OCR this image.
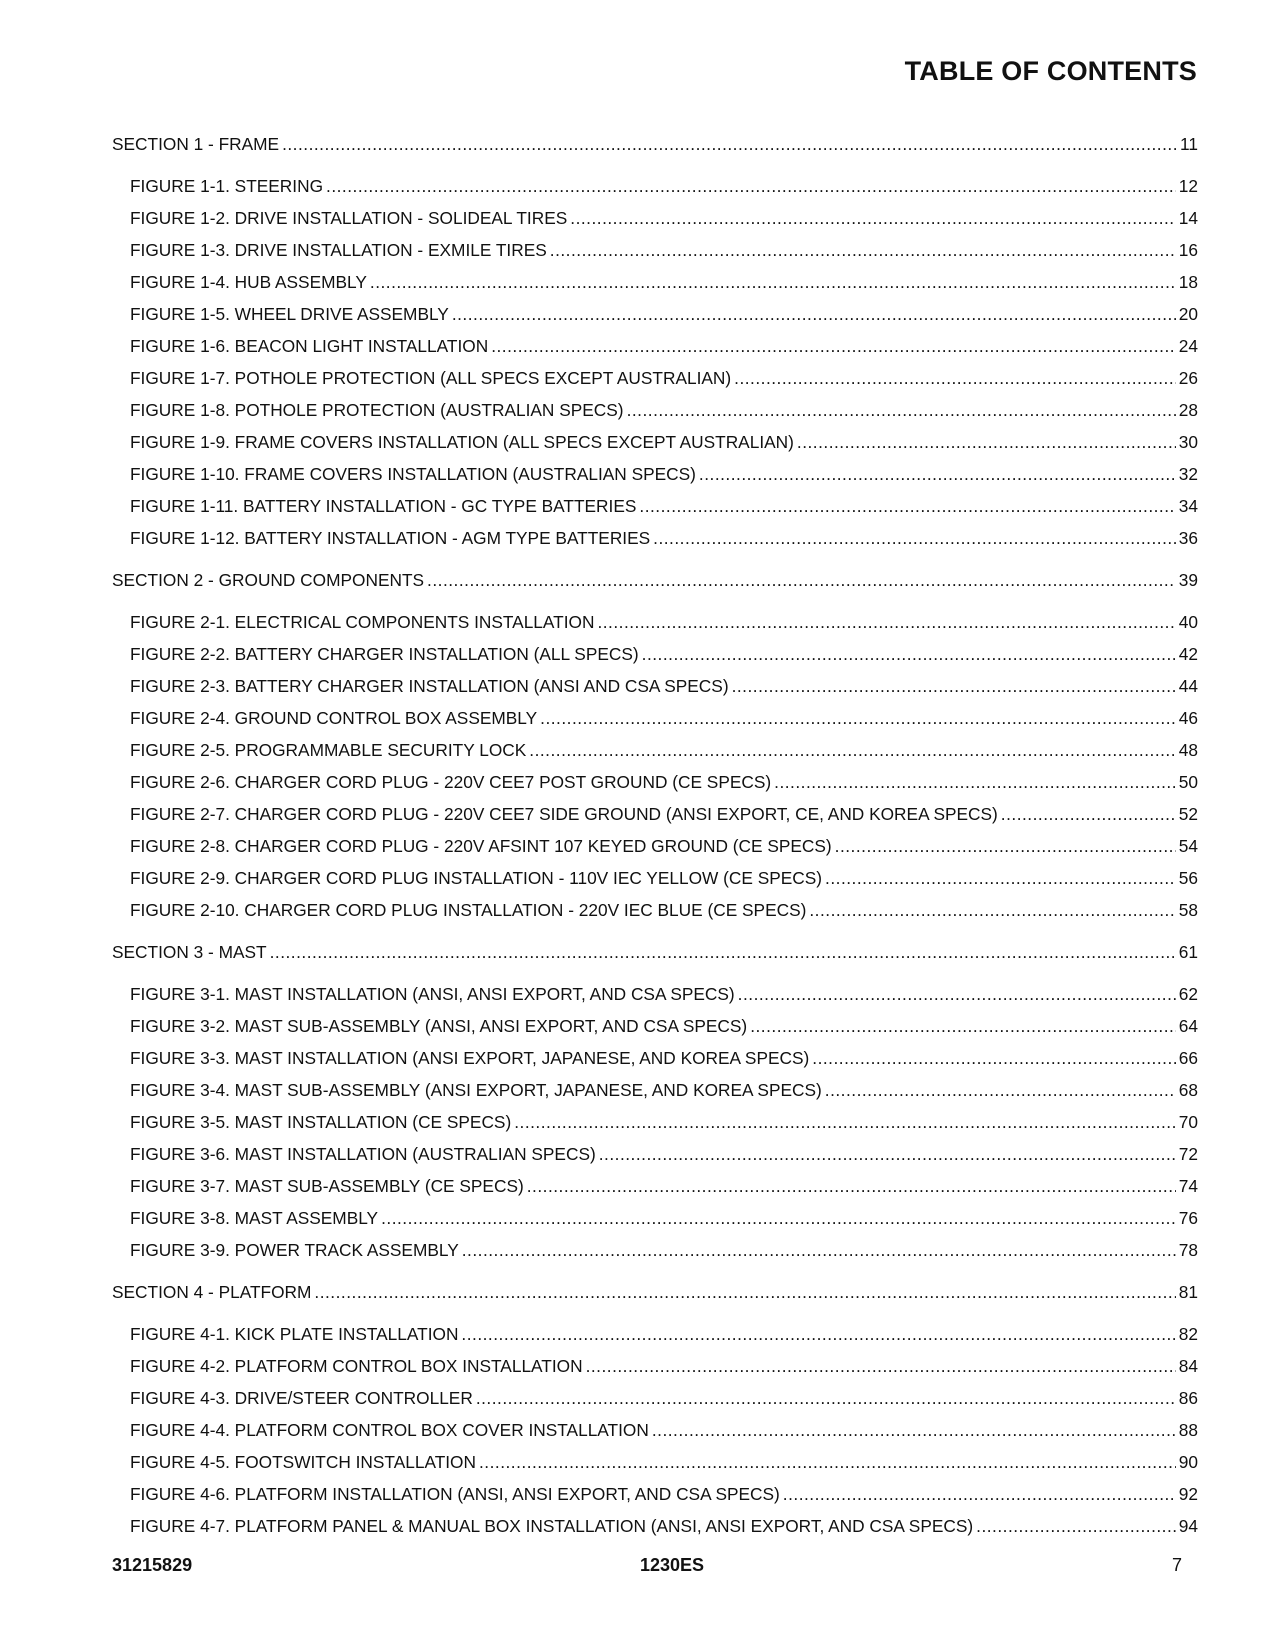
TABLE OF CONTENTS
SECTION 1 - FRAME .....	11
FIGURE 1-1. STEERING .....	12
FIGURE 1-2. DRIVE INSTALLATION - SOLIDEAL TIRES .....	14
FIGURE 1-3. DRIVE INSTALLATION - EXMILE TIRES .....	16
FIGURE 1-4. HUB ASSEMBLY .....	18
FIGURE 1-5. WHEEL DRIVE ASSEMBLY .....	20
FIGURE 1-6. BEACON LIGHT INSTALLATION .....	24
FIGURE 1-7. POTHOLE PROTECTION (ALL SPECS EXCEPT AUSTRALIAN) .....	26
FIGURE 1-8. POTHOLE PROTECTION (AUSTRALIAN SPECS) .....	28
FIGURE 1-9. FRAME COVERS INSTALLATION (ALL SPECS EXCEPT AUSTRALIAN) .....	30
FIGURE 1-10. FRAME COVERS INSTALLATION (AUSTRALIAN SPECS) .....	32
FIGURE 1-11. BATTERY INSTALLATION - GC TYPE BATTERIES .....	34
FIGURE 1-12. BATTERY INSTALLATION - AGM TYPE BATTERIES .....	36
SECTION 2 - GROUND COMPONENTS .....	39
FIGURE 2-1. ELECTRICAL COMPONENTS INSTALLATION .....	40
FIGURE 2-2. BATTERY CHARGER INSTALLATION (ALL SPECS) .....	42
FIGURE 2-3. BATTERY CHARGER INSTALLATION (ANSI AND CSA SPECS) .....	44
FIGURE 2-4. GROUND CONTROL BOX ASSEMBLY .....	46
FIGURE 2-5. PROGRAMMABLE SECURITY LOCK .....	48
FIGURE 2-6. CHARGER CORD PLUG - 220V CEE7 POST GROUND (CE SPECS) .....	50
FIGURE 2-7. CHARGER CORD PLUG - 220V CEE7 SIDE GROUND (ANSI EXPORT, CE, AND KOREA SPECS) .....	52
FIGURE 2-8. CHARGER CORD PLUG - 220V AFSINT 107 KEYED GROUND (CE SPECS) .....	54
FIGURE 2-9. CHARGER CORD PLUG INSTALLATION - 110V IEC YELLOW (CE SPECS) .....	56
FIGURE 2-10. CHARGER CORD PLUG INSTALLATION - 220V IEC BLUE (CE SPECS) .....	58
SECTION 3 - MAST .....	61
FIGURE 3-1. MAST INSTALLATION (ANSI, ANSI EXPORT, AND CSA SPECS) .....	62
FIGURE 3-2. MAST SUB-ASSEMBLY (ANSI, ANSI EXPORT, AND CSA SPECS) .....	64
FIGURE 3-3. MAST INSTALLATION (ANSI EXPORT, JAPANESE, AND KOREA SPECS) .....	66
FIGURE 3-4. MAST SUB-ASSEMBLY (ANSI EXPORT, JAPANESE, AND KOREA SPECS) .....	68
FIGURE 3-5. MAST INSTALLATION (CE SPECS) .....	70
FIGURE 3-6. MAST INSTALLATION (AUSTRALIAN SPECS) .....	72
FIGURE 3-7. MAST SUB-ASSEMBLY (CE SPECS) .....	74
FIGURE 3-8. MAST ASSEMBLY .....	76
FIGURE 3-9. POWER TRACK ASSEMBLY .....	78
SECTION 4 - PLATFORM .....	81
FIGURE 4-1. KICK PLATE INSTALLATION .....	82
FIGURE 4-2. PLATFORM CONTROL BOX INSTALLATION .....	84
FIGURE 4-3. DRIVE/STEER CONTROLLER .....	86
FIGURE 4-4. PLATFORM CONTROL BOX COVER INSTALLATION .....	88
FIGURE 4-5. FOOTSWITCH INSTALLATION .....	90
FIGURE 4-6. PLATFORM INSTALLATION (ANSI, ANSI EXPORT, AND CSA SPECS) .....	92
FIGURE 4-7. PLATFORM PANEL & MANUAL BOX INSTALLATION (ANSI, ANSI EXPORT, AND CSA SPECS) .....	94
31215829	1230ES	7
